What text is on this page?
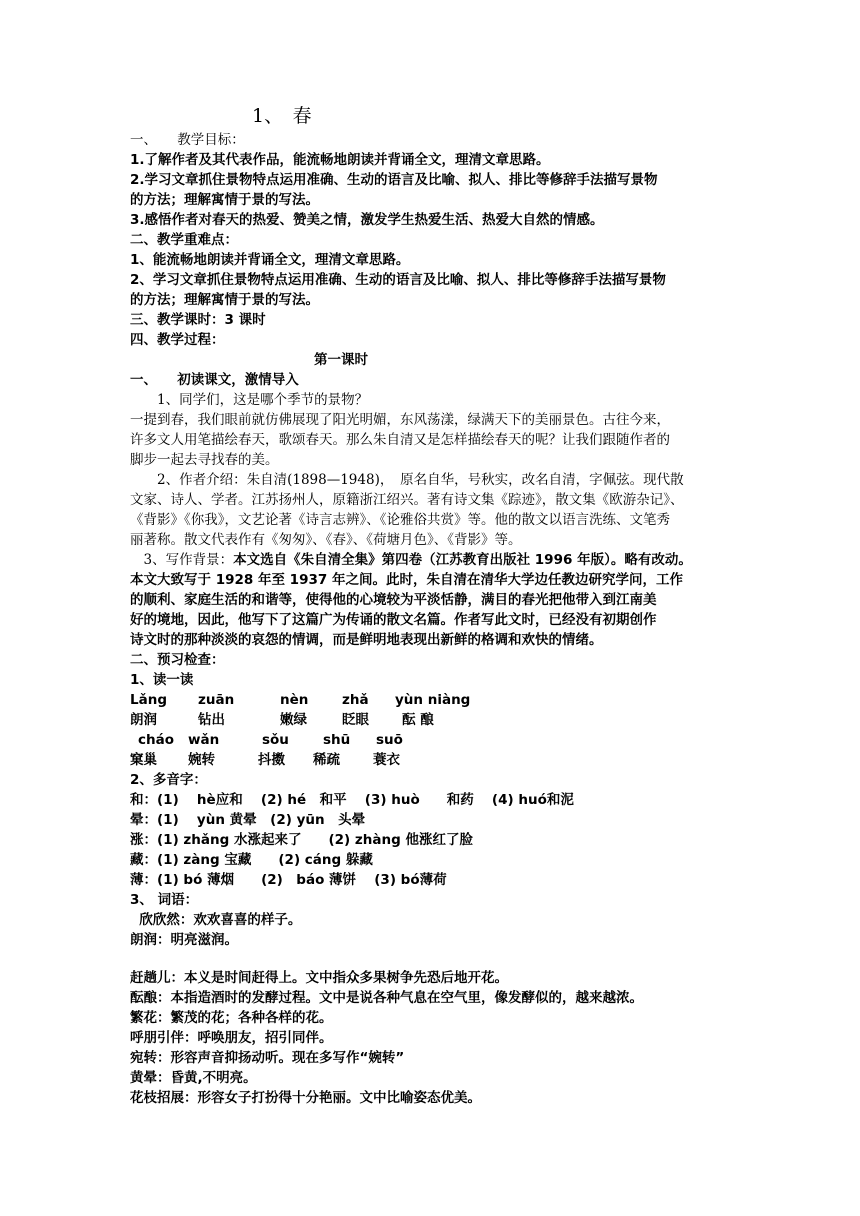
1、　春
一、　　教学目标：
1.了解作者及其代表作品，能流畅地朗读并背诵全文，理清文章思路。
2.学习文章抓住景物特点运用准确、生动的语言及比喻、拟人、排比等修辞手法描写景物
的方法；理解寓情于景的写法。
3.感悟作者对春天的热爱、赞美之情，激发学生热爱生活、热爱大自然的情感。
二、教学重难点：
1、能流畅地朗读并背诵全文，理清文章思路。
2、学习文章抓住景物特点运用准确、生动的语言及比喻、拟人、排比等修辞手法描写景物
的方法；理解寓情于景的写法。
三、教学课时：3 课时
四、教学过程：
第一课时
一、　　初读课文，激情导入
　　1、同学们，这是哪个季节的景物？
一提到春，我们眼前就仿佛展现了阳光明媚，东风荡漾，绿满天下的美丽景色。古往今来，
许多文人用笔描绘春天，歌颂春天。那么朱自清又是怎样描绘春天的呢？让我们跟随作者的
脚步一起去寻找春的美。
　　2、作者介绍：朱自清(1898—1948)，　原名自华，号秋实，改名自清，字佩弦。现代散
文家、诗人、学者。江苏扬州人，原籍浙江绍兴。著有诗文集《踪迹》，散文集《欧游杂记》、
《背影》《你我》，文艺论著《诗言志辨》、《论雅俗共赏》等。他的散文以语言洗练、文笔秀
丽著称。散文代表作有《匆匆》、《春》、《荷塘月色》、《背影》等。
　3、写作背景：本文选自《朱自清全集》第四卷（江苏教育出版社 1996 年版）。略有改动。
本文大致写于 1928 年至 1937 年之间。此时，朱自清在清华大学边任教边研究学问，工作
的顺利、家庭生活的和谐等，使得他的心境较为平淡恬静，满目的春光把他带入到江南美
好的境地，因此，他写下了这篇广为传诵的散文名篇。作者写此文时，已经没有初期创作
诗文时的那种淡淡的哀怨的情调，而是鲜明地表现出新鲜的格调和欢快的情绪。
二、预习检查：
1、读一读
Lǎng zuān	nèn zhǎ yùn niàng
朗润	钻出	嫩绿	眨眼 酝 酿
cháo wǎn	sǒu	shū suō
窠巢 婉转	抖擞 稀疏 蓑衣
2、多音字：
和：(1)　 hè应和 　(2) hé　和平　 (3) huò　　和药　 (4) huó和泥
晕：(1)　 yùn 黄晕　(2) yūn　头晕
涨：(1) zhǎng 水涨起来了　　(2) zhàng 他涨红了脸
藏：(1) zàng 宝藏　　(2) cáng 躲藏
薄：(1) bó 薄烟　　(2)　báo 薄饼　 (3) bó薄荷
3、 词语：
欣欣然：欢欢喜喜的样子。
朗润：明亮滋润。
赶趟儿：本义是时间赶得上。文中指众多果树争先恐后地开花。
酝酿：本指造酒时的发酵过程。文中是说各种气息在空气里，像发酵似的，越来越浓。
繁花：繁茂的花；各种各样的花。
呼朋引伴：呼唤朋友，招引同伴。
宛转：形容声音抑扬动听。现在多写作“婉转”
黄晕：昏黄,不明亮。
花枝招展：形容女子打扮得十分艳丽。文中比喻姿态优美。
